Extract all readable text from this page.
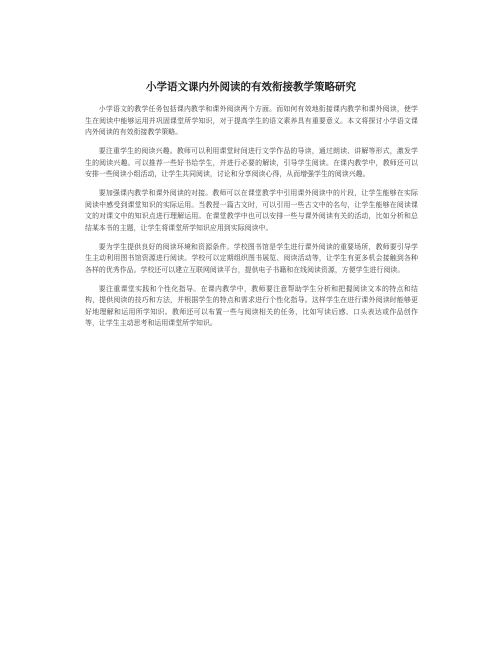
小学语文课内外阅读的有效衔接教学策略研究

小学语文的教学任务包括课内教学和课外阅读两个方面。而如何有效地衔接课内教学和课外阅读，使学生在阅读中能够运用并巩固课堂所学知识，对于提高学生的语文素养具有重要意义。本文将探讨小学语文课内外阅读的有效衔接教学策略。

要注重学生的阅读兴趣。教师可以利用课堂时间进行文学作品的导读，通过朗读、讲解等形式，激发学生的阅读兴趣。可以推荐一些好书给学生，并进行必要的解读，引导学生阅读。在课内教学中，教师还可以安排一些阅读小组活动，让学生共同阅读，讨论和分享阅读心得，从而增强学生的阅读兴趣。

要加强课内教学和课外阅读的对接。教师可以在课堂教学中引用课外阅读中的片段，让学生能够在实际阅读中感受到课堂知识的实际运用。当教授一篇古文时，可以引用一些古文中的名句，让学生能够在阅读课文的对课文中的知识点进行理解运用。在课堂教学中也可以安排一些与课外阅读有关的活动，比如分析和总结某本书的主题，让学生将课堂所学知识应用到实际阅读中。

要为学生提供良好的阅读环境和资源条件。学校图书馆是学生进行课外阅读的重要场所，教师要引导学生主动利用图书馆资源进行阅读。学校可以定期组织图书展览、阅读活动等，让学生有更多机会接触到各种各样的优秀作品。学校还可以建立互联网阅读平台，提供电子书籍和在线阅读资源，方便学生进行阅读。

要注重课堂实践和个性化指导。在课内教学中，教师要注意帮助学生分析和把握阅读文本的特点和结构，提供阅读的技巧和方法，并根据学生的特点和需求进行个性化指导。这样学生在进行课外阅读时能够更好地理解和运用所学知识。教师还可以布置一些与阅读相关的任务，比如写读后感、口头表达或作品创作等，让学生主动思考和运用课堂所学知识。
